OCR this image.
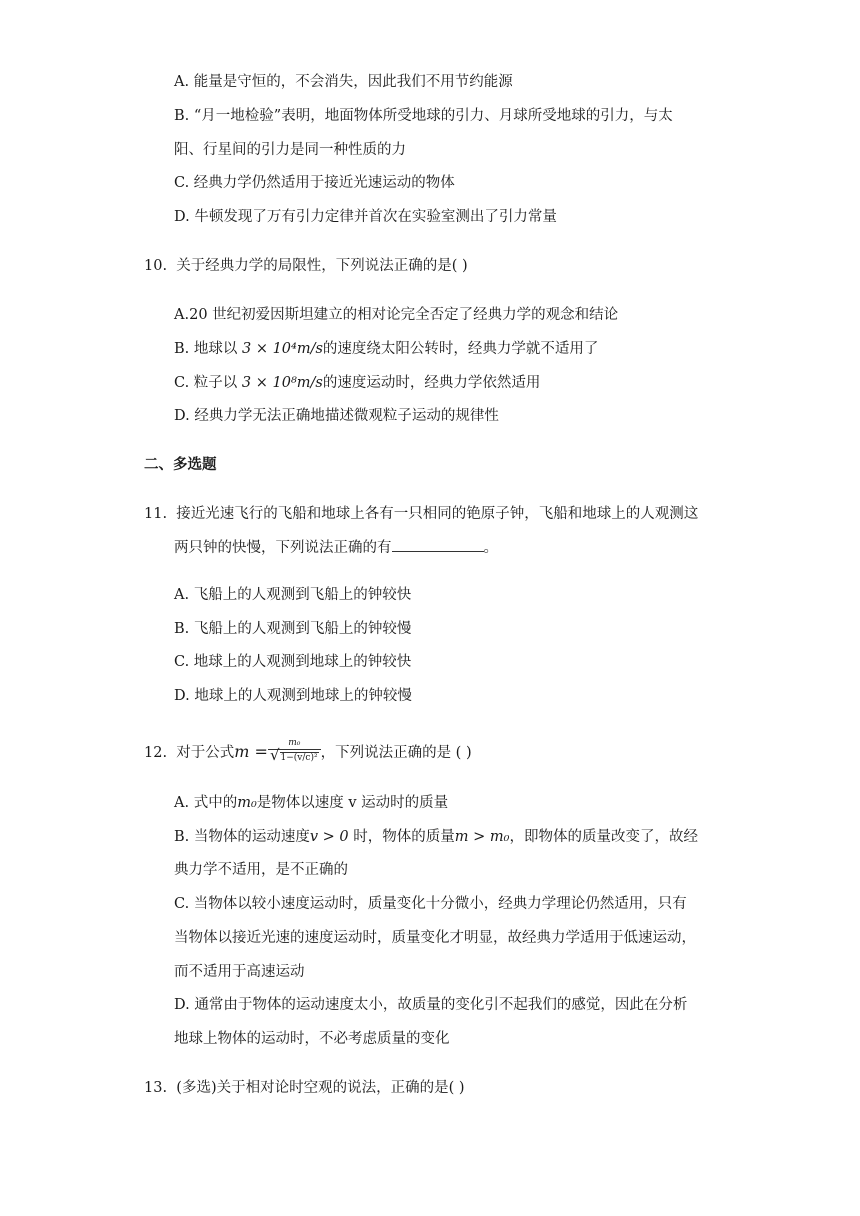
A. 能量是守恒的，不会消失，因此我们不用节约能源
B. “月一地检验”表明，地面物体所受地球的引力、月球所受地球的引力，与太
阳、行星间的引力是同一种性质的力
C. 经典力学仍然适用于接近光速运动的物体
D. 牛顿发现了万有引力定律并首次在实验室测出了引力常量
10. 关于经典力学的局限性，下列说法正确的是( )
A.20 世纪初爱因斯坦建立的相对论完全否定了经典力学的观念和结论
B. 地球以 3 × 10⁴m/s的速度绕太阳公转时，经典力学就不适用了
C. 粒子以 3 × 10⁸m/s的速度运动时，经典力学依然适用
D. 经典力学无法正确地描述微观粒子运动的规律性
二、多选题
11. 接近光速飞行的飞船和地球上各有一只相同的铯原子钟，飞船和地球上的人观测这
两只钟的快慢，下列说法正确的有	。
A. 飞船上的人观测到飞船上的钟较快
B. 飞船上的人观测到飞船上的钟较慢
C. 地球上的人观测到地球上的钟较快
D. 地球上的人观测到地球上的钟较慢
12. 对于公式$m = \frac{\text{m₀}}{\text{√1−(v/c)²}}$ ，下列说法正确的是 ( )
A. 式中的m₀是物体以速度 v 运动时的质量
B. 当物体的运动速度v > 0 时，物体的质量m > m₀，即物体的质量改变了，故经
典力学不适用，是不正确的
C. 当物体以较小速度运动时，质量变化十分微小，经典力学理论仍然适用，只有
当物体以接近光速的速度运动时，质量变化才明显，故经典力学适用于低速运动，
而不适用于高速运动
D. 通常由于物体的运动速度太小，故质量的变化引不起我们的感觉，因此在分析
地球上物体的运动时，不必考虑质量的变化
13. (多选)关于相对论时空观的说法，正确的是( )
